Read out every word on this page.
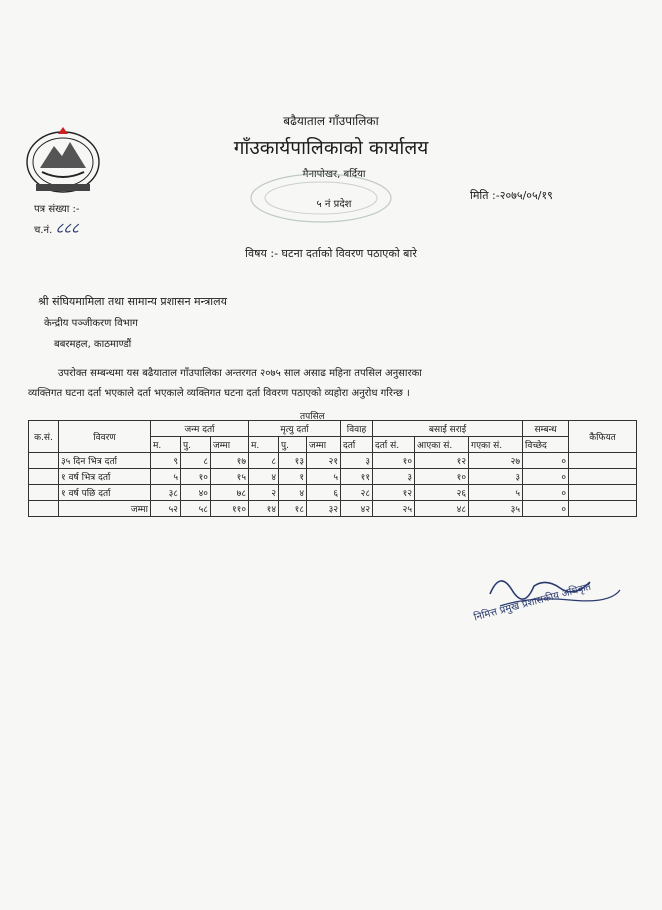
बढैयाताल गाँउपालिका
गाँउकार्यपालिकाको कार्यालय
मैनापोखर, बर्दिया
५ नं प्रदेश
मिति :-२०७५/०५/१९
पत्र संख्या :-
च.नं. ८८८
विषय :- घटना दर्ताको विवरण पठाएको बारे
श्री संघियमामिला तथा सामान्य प्रशासन मन्त्रालय
केन्द्रीय पञ्जीकरण विभाग
बबरमहल, काठमाण्डौं
उपरोक्त सम्बन्धमा यस बढैयाताल गाँउपालिका अन्तरगत २०७५ साल असाढ महिना तपसिल अनुसारका
व्यक्तिगत घटना दर्ता भएकाले दर्ता भएकाले व्यक्तिगत घटना दर्ता विवरण पठाएको व्यहोरा अनुरोध गरिन्छ ।
तपसिल
क.सं.	विवरण	जन्म दर्ता			मृत्यु दर्ता			विवाह	बसाई सराई			सम्बन्ध	कैफियत
		म.	पु.	जम्मा	म.	पु.	जम्मा	दर्ता	दर्ता सं.	आएका सं.	गएका सं.	विच्छेद	
	३५ दिन भित्र दर्ता	९	८	१७	८	१३	२१	३	१०	१२	२७	०	
	१ वर्ष भित्र दर्ता	५	१०	१५	४	१	५	११	३	१०	३	०	
	१ वर्ष पछि दर्ता	३८	४०	७८	२	४	६	२८	१२	२६	५	०	
	जम्मा	५२	५८	११०	१४	१८	३२	४२	२५	४८	३५	०	
निमित्त प्रमुख प्रशासकीय अधिकृत
